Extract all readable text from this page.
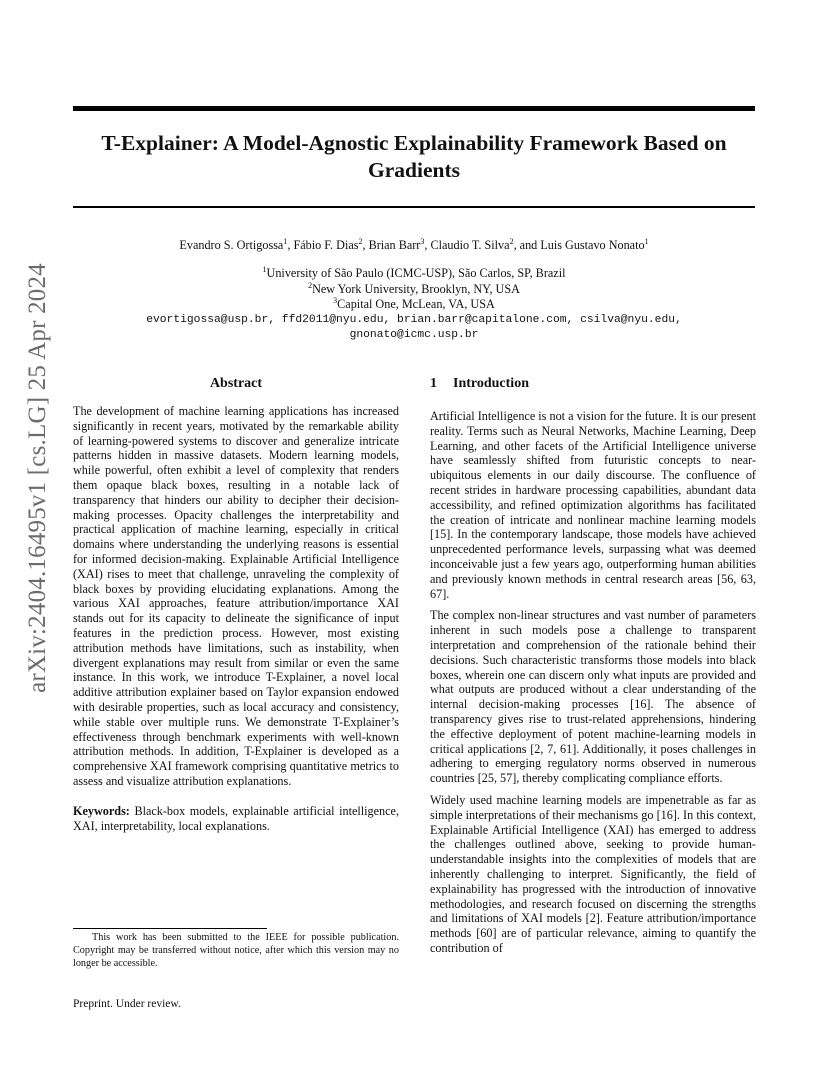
arXiv:2404.16495v1 [cs.LG] 25 Apr 2024
T-Explainer: A Model-Agnostic Explainability Framework Based on Gradients
Evandro S. Ortigossa$^1$, Fábio F. Dias$^2$, Brian Barr$^3$, Claudio T. Silva$^2$, and Luis Gustavo Nonato$^1$
$^1$University of São Paulo (ICMC-USP), São Carlos, SP, Brazil
$^2$New York University, Brooklyn, NY, USA
$^3$Capital One, McLean, VA, USA
evortigossa@usp.br, ffd2011@nyu.edu, brian.barr@capitalone.com, csilva@nyu.edu,
gnonato@icmc.usp.br
Abstract

The development of machine learning applications has increased significantly in recent years, motivated by the remarkable ability of learning-powered systems to discover and generalize intricate patterns hidden in massive datasets. Modern learning models, while powerful, often exhibit a level of complexity that renders them opaque black boxes, resulting in a notable lack of transparency that hinders our ability to decipher their decision-making processes. Opacity challenges the interpretability and practical application of machine learning, especially in critical domains where understanding the underlying reasons is essential for informed decision-making. Explainable Artificial Intelligence (XAI) rises to meet that challenge, unraveling the complexity of black boxes by providing elucidating explanations. Among the various XAI approaches, feature attribution/importance XAI stands out for its capacity to delineate the significance of input features in the prediction process. However, most existing attribution methods have limitations, such as instability, when divergent explanations may result from similar or even the same instance. In this work, we introduce T-Explainer, a novel local additive attribution explainer based on Taylor expansion endowed with desirable properties, such as local accuracy and consistency, while stable over multiple runs. We demonstrate T-Explainer’s effectiveness through benchmark experiments with well-known attribution methods. In addition, T-Explainer is developed as a comprehensive XAI framework comprising quantitative metrics to assess and visualize attribution explanations.

Keywords: Black-box models, explainable artificial intelligence, XAI, interpretability, local explanations.

This work has been submitted to the IEEE for possible publication. Copyright may be transferred without notice, after which this version may no longer be accessible.
Preprint. Under review.
1 Introduction

Artificial Intelligence is not a vision for the future. It is our present reality. Terms such as Neural Networks, Machine Learning, Deep Learning, and other facets of the Artificial Intelligence universe have seamlessly shifted from futuristic concepts to near-ubiquitous elements in our daily discourse. The confluence of recent strides in hardware processing capabilities, abundant data accessibility, and refined optimization algorithms has facilitated the creation of intricate and nonlinear machine learning models [15]. In the contemporary landscape, those models have achieved unprecedented performance levels, surpassing what was deemed inconceivable just a few years ago, outperforming human abilities and previously known methods in central research areas [56, 63, 67].

The complex non-linear structures and vast number of parameters inherent in such models pose a challenge to transparent interpretation and comprehension of the rationale behind their decisions. Such characteristic transforms those models into black boxes, wherein one can discern only what inputs are provided and what outputs are produced without a clear understanding of the internal decision-making processes [16]. The absence of transparency gives rise to trust-related apprehensions, hindering the effective deployment of potent machine-learning models in critical applications [2, 7, 61]. Additionally, it poses challenges in adhering to emerging regulatory norms observed in numerous countries [25, 57], thereby complicating compliance efforts.

Widely used machine learning models are impenetrable as far as simple interpretations of their mechanisms go [16]. In this context, Explainable Artificial Intelligence (XAI) has emerged to address the challenges outlined above, seeking to provide human-understandable insights into the complexities of models that are inherently challenging to interpret. Significantly, the field of explainability has progressed with the introduction of innovative methodologies, and research focused on discerning the strengths and limitations of XAI models [2]. Feature attribution/importance methods [60] are of particular relevance, aiming to quantify the contribution of
